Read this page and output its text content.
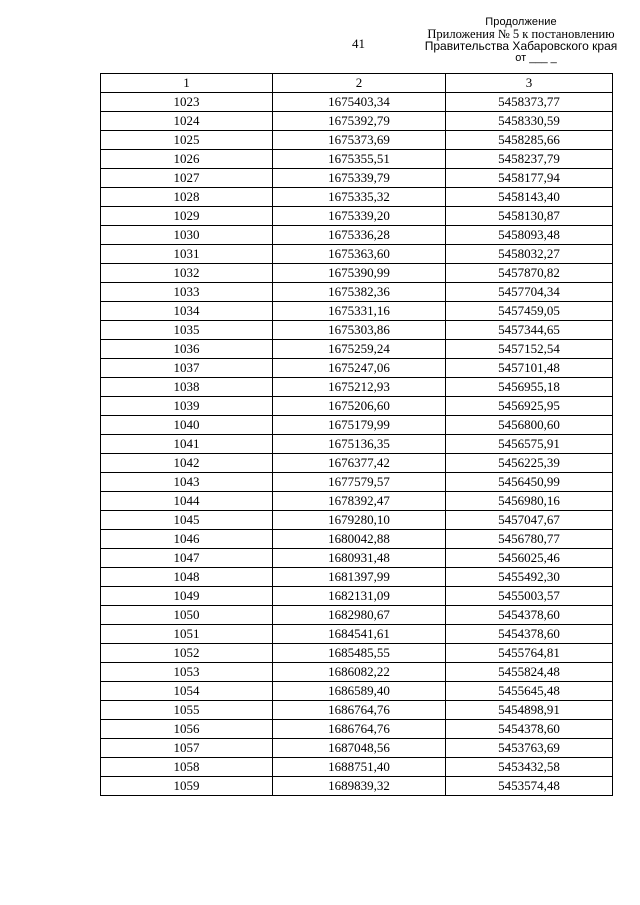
41
Продолжение
Приложения № 5 к постановлению
Правительства Хабаровского края
от ___ _
1	2	3
1023	1675403,34	5458373,77
1024	1675392,79	5458330,59
1025	1675373,69	5458285,66
1026	1675355,51	5458237,79
1027	1675339,79	5458177,94
1028	1675335,32	5458143,40
1029	1675339,20	5458130,87
1030	1675336,28	5458093,48
1031	1675363,60	5458032,27
1032	1675390,99	5457870,82
1033	1675382,36	5457704,34
1034	1675331,16	5457459,05
1035	1675303,86	5457344,65
1036	1675259,24	5457152,54
1037	1675247,06	5457101,48
1038	1675212,93	5456955,18
1039	1675206,60	5456925,95
1040	1675179,99	5456800,60
1041	1675136,35	5456575,91
1042	1676377,42	5456225,39
1043	1677579,57	5456450,99
1044	1678392,47	5456980,16
1045	1679280,10	5457047,67
1046	1680042,88	5456780,77
1047	1680931,48	5456025,46
1048	1681397,99	5455492,30
1049	1682131,09	5455003,57
1050	1682980,67	5454378,60
1051	1684541,61	5454378,60
1052	1685485,55	5455764,81
1053	1686082,22	5455824,48
1054	1686589,40	5455645,48
1055	1686764,76	5454898,91
1056	1686764,76	5454378,60
1057	1687048,56	5453763,69
1058	1688751,40	5453432,58
1059	1689839,32	5453574,48
